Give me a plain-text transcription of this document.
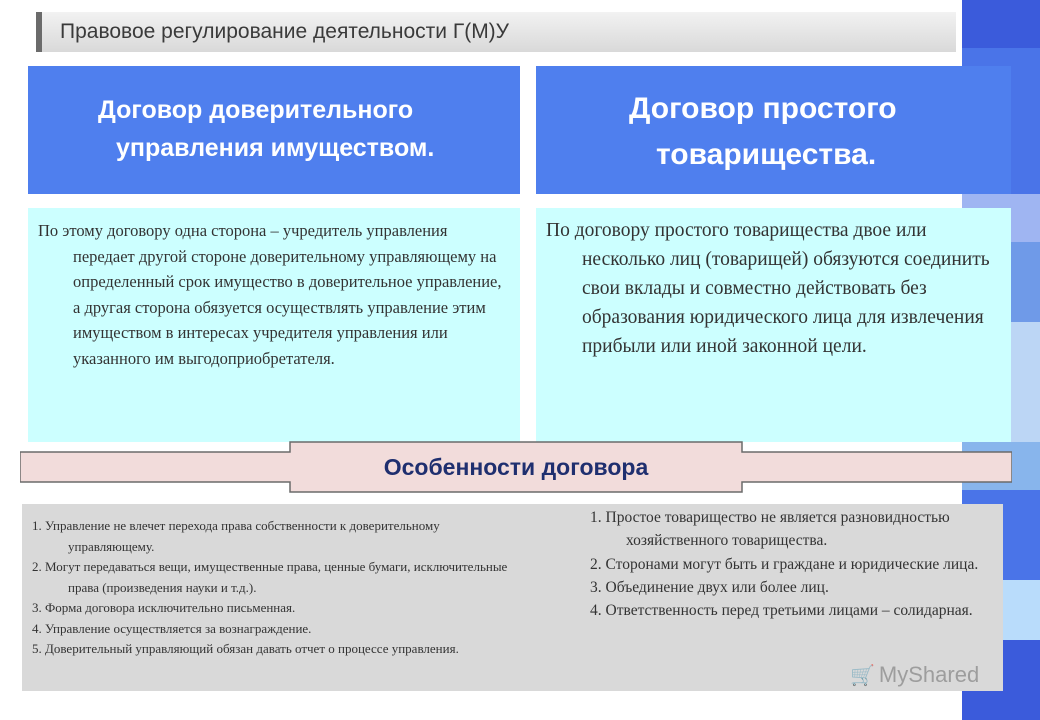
Правовое регулирование деятельности Г(М)У
Договор доверительного
управления имуществом.
Договор простого
товарищества.

По этому договору одна сторона – учредитель управления передает другой стороне доверительному управляющему на определенный срок имущество в доверительное управление, а другая сторона обязуется осуществлять управление этим имуществом в интересах учредителя управления или указанного им выгодоприобретателя.

По договору простого товарищества двое или несколько лиц (товарищей) обязуются соединить свои вклады и совместно действовать без образования юридического лица для извлечения прибыли или иной законной цели.

Особенности договора
1. Управление не влечет перехода права собственности к доверительному управляющему.
2. Могут передаваться вещи, имущественные права, ценные бумаги, исключительные права (произведения науки и т.д.).
3. Форма договора исключительно письменная.
4. Управление осуществляется за вознаграждение.
5. Доверительный управляющий обязан давать отчет о процессе управления.
1. Простое товарищество не является разновидностью хозяйственного товарищества.
2. Сторонами могут быть и граждане и юридические лица.
3. Объединение двух или более лиц.
4. Ответственность перед третьими лицами – солидарная.
🛒 MyShared
